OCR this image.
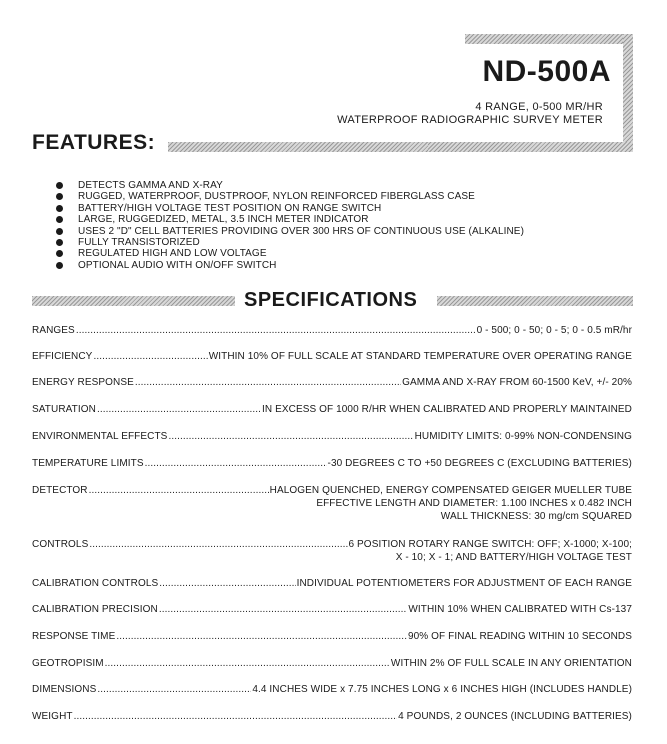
ND-500A
4 RANGE, 0-500 MR/HR
WATERPROOF RADIOGRAPHIC SURVEY METER
FEATURES:
DETECTS GAMMA AND X-RAY
RUGGED, WATERPROOF, DUSTPROOF, NYLON REINFORCED FIBERGLASS CASE
BATTERY/HIGH VOLTAGE TEST POSITION ON RANGE SWITCH
LARGE, RUGGEDIZED, METAL, 3.5 INCH METER INDICATOR
USES 2 "D" CELL BATTERIES PROVIDING OVER 300 HRS OF CONTINUOUS USE (ALKALINE)
FULLY TRANSISTORIZED
REGULATED HIGH AND LOW VOLTAGE
OPTIONAL AUDIO WITH ON/OFF SWITCH
SPECIFICATIONS
RANGES .....	0 - 500; 0 - 50; 0 - 5; 0 - 0.5 mR/hr
EFFICIENCY .....	WITHIN 10% OF FULL SCALE AT STANDARD TEMPERATURE OVER OPERATING RANGE
ENERGY RESPONSE .....	GAMMA AND X-RAY FROM 60-1500 KeV, +/- 20%
SATURATION .....	IN EXCESS OF 1000 R/HR WHEN CALIBRATED AND PROPERLY MAINTAINED
ENVIRONMENTAL EFFECTS .....	HUMIDITY LIMITS: 0-99% NON-CONDENSING
TEMPERATURE LIMITS .....	-30 DEGREES C TO +50 DEGREES C (EXCLUDING BATTERIES)
DETECTOR .....	HALOGEN QUENCHED, ENERGY COMPENSATED GEIGER MUELLER TUBE
EFFECTIVE LENGTH AND DIAMETER: 1.100 INCHES x 0.482 INCH
WALL THICKNESS: 30 mg/cm SQUARED
CONTROLS .....	6 POSITION ROTARY RANGE SWITCH: OFF; X-1000; X-100;
X - 10; X - 1; AND BATTERY/HIGH VOLTAGE TEST
CALIBRATION CONTROLS .....	INDIVIDUAL POTENTIOMETERS FOR ADJUSTMENT OF EACH RANGE
CALIBRATION PRECISION .....	WITHIN 10% WHEN CALIBRATED WITH Cs-137
RESPONSE TIME .....	90% OF FINAL READING WITHIN 10 SECONDS
GEOTROPISIM .....	WITHIN 2% OF FULL SCALE IN ANY ORIENTATION
DIMENSIONS .....	4.4 INCHES WIDE x 7.75 INCHES LONG x 6 INCHES HIGH (INCLUDES HANDLE)
WEIGHT .....	4 POUNDS, 2 OUNCES (INCLUDING BATTERIES)
